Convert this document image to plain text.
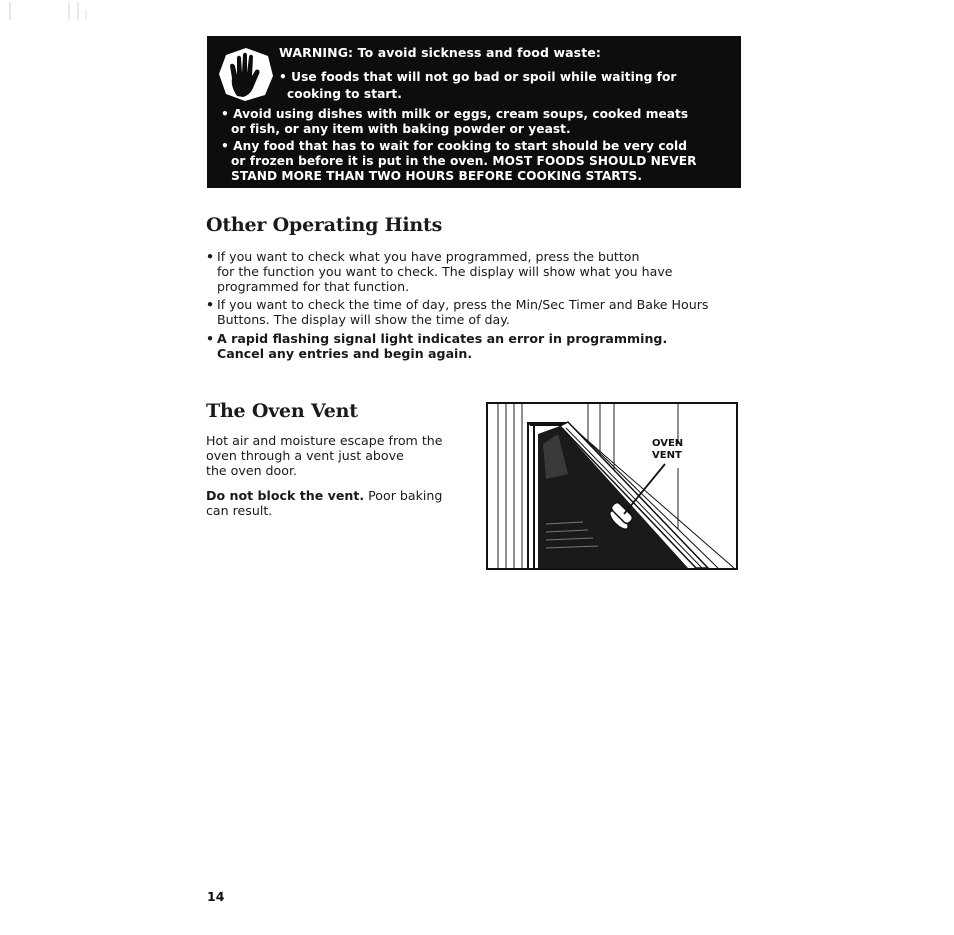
WARNING: To avoid sickness and food waste:
• Use foods that will not go bad or spoil while waiting for
cooking to start.
• Avoid using dishes with milk or eggs, cream soups, cooked meats
or fish, or any item with baking powder or yeast.
• Any food that has to wait for cooking to start should be very cold
or frozen before it is put in the oven. MOST FOODS SHOULD NEVER
STAND MORE THAN TWO HOURS BEFORE COOKING STARTS.
Other Operating Hints
• If you want to check what you have programmed, press the button
for the function you want to check. The display will show what you have
programmed for that function.
• If you want to check the time of day, press the Min/Sec Timer and Bake Hours
Buttons. The display will show the time of day.
• A rapid flashing signal light indicates an error in programming.
Cancel any entries and begin again.
The Oven Vent
Hot air and moisture escape from the
oven through a vent just above
the oven door.
Do not block the vent. Poor baking
can result.
OVEN
VENT
14
